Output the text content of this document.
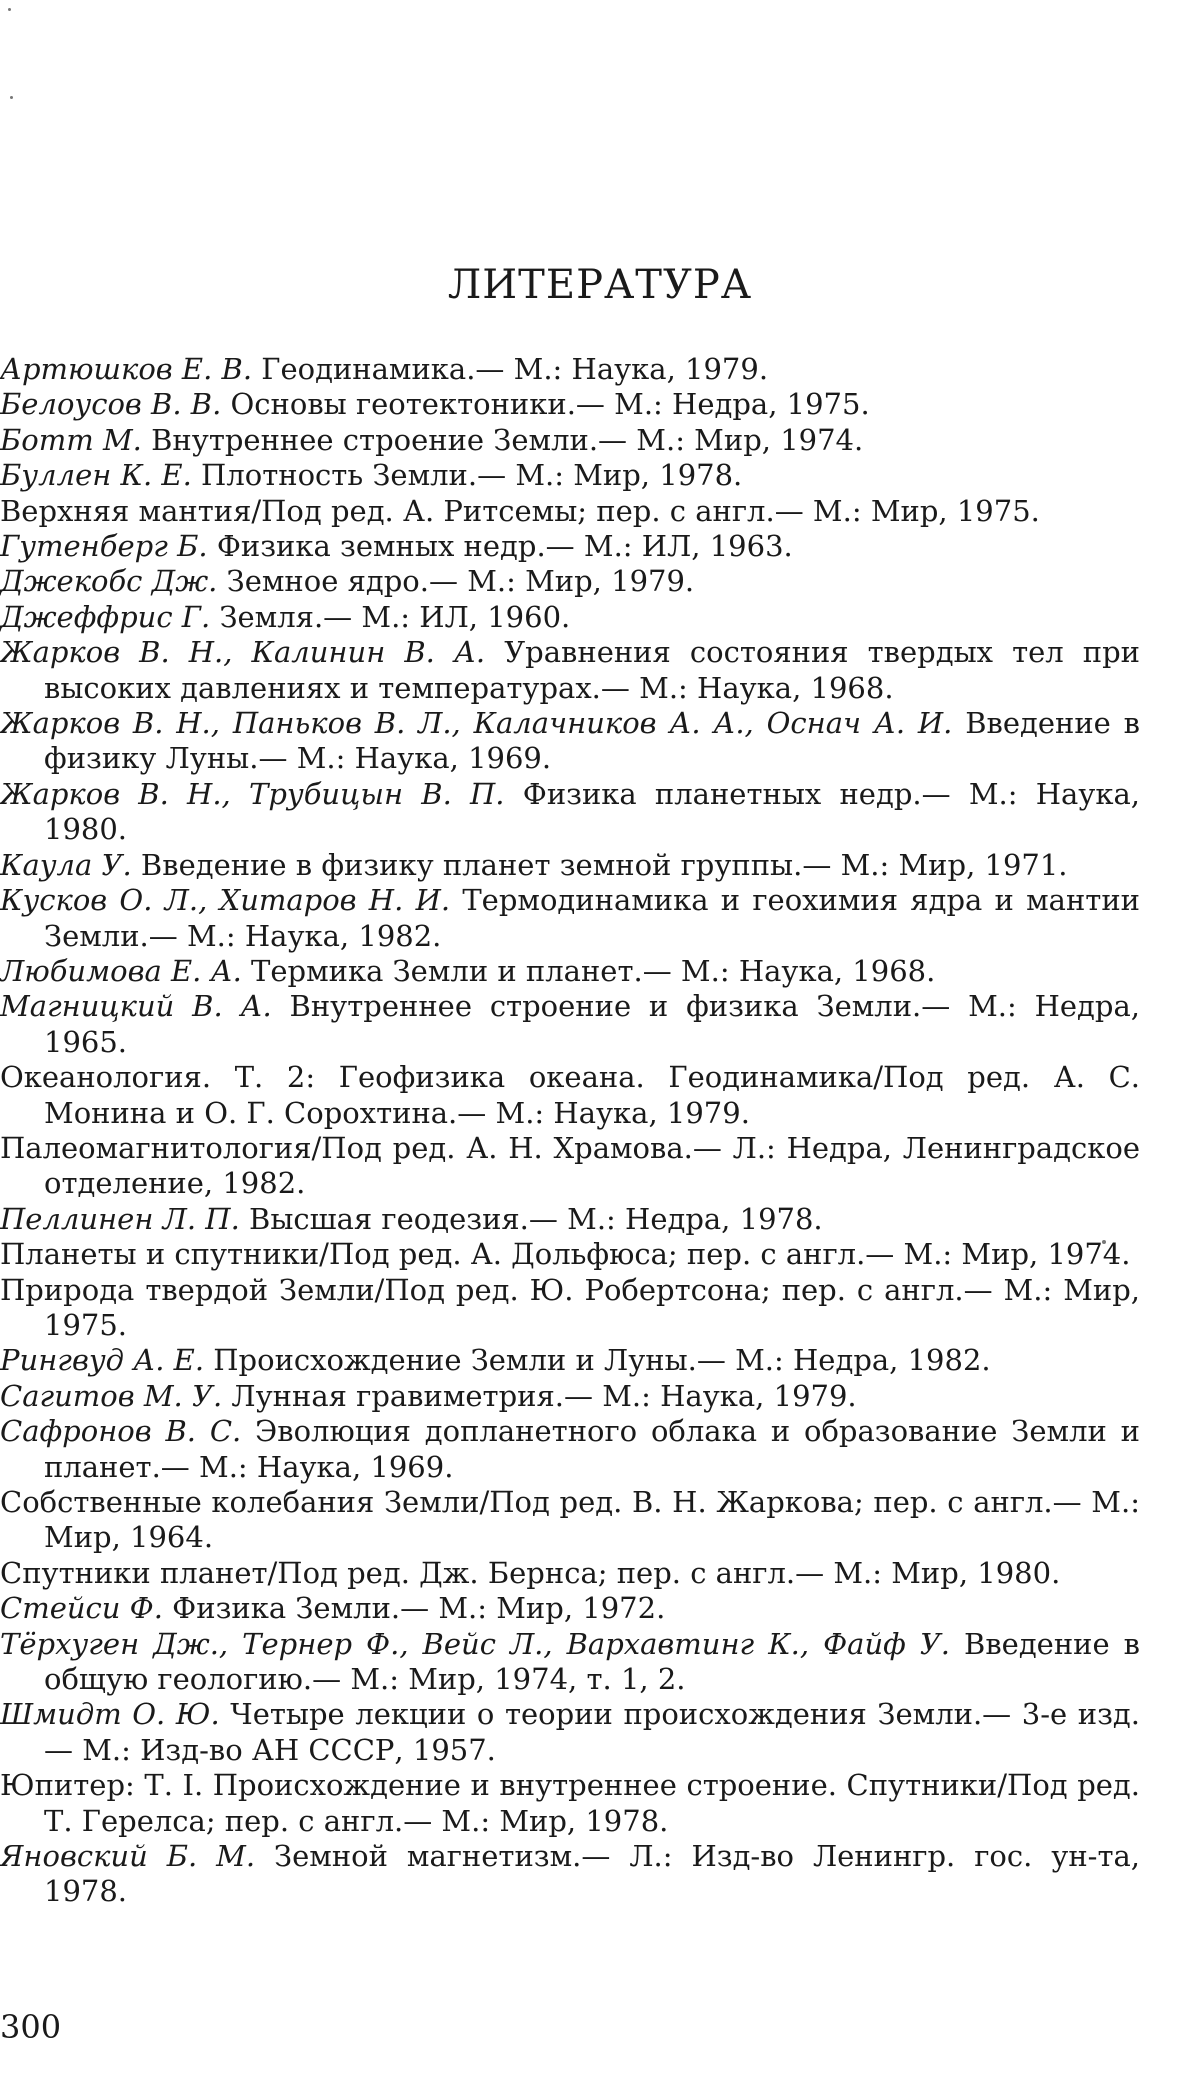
ЛИТЕРАТУРА
Артюшков Е. В. Геодинамика.— М.: Наука, 1979.
Белоусов В. В. Основы геотектоники.— М.: Недра, 1975.
Ботт М. Внутреннее строение Земли.— М.: Мир, 1974.
Буллен К. Е. Плотность Земли.— М.: Мир, 1978.
Верхняя мантия/Под ред. А. Ритсемы; пер. с англ.— М.: Мир, 1975.
Гутенберг Б. Физика земных недр.— М.: ИЛ, 1963.
Джекобс Дж. Земное ядро.— М.: Мир, 1979.
Джеффрис Г. Земля.— М.: ИЛ, 1960.
Жарков В. Н., Калинин В. А. Уравнения состояния твердых тел при высоких давлениях и температурах.— М.: Наука, 1968.
Жарков В. Н., Паньков В. Л., Калачников А. А., Оснач А. И. Введение в физику Луны.— М.: Наука, 1969.
Жарков В. Н., Трубицын В. П. Физика планетных недр.— М.: Наука, 1980.
Каула У. Введение в физику планет земной группы.— М.: Мир, 1971.
Кусков О. Л., Хитаров Н. И. Термодинамика и геохимия ядра и мантии Земли.— М.: Наука, 1982.
Любимова Е. А. Термика Земли и планет.— М.: Наука, 1968.
Магницкий В. А. Внутреннее строение и физика Земли.— М.: Недра, 1965.
Океанология. Т. 2: Геофизика океана. Геодинамика/Под ред. А. С. Монина и О. Г. Сорохтина.— М.: Наука, 1979.
Палеомагнитология/Под ред. А. Н. Храмова.— Л.: Недра, Ленинградское отделение, 1982.
Пеллинен Л. П. Высшая геодезия.— М.: Недра, 1978.
Планеты и спутники/Под ред. А. Дольфюса; пер. с англ.— М.: Мир, 1974.
Природа твердой Земли/Под ред. Ю. Робертсона; пер. с англ.— М.: Мир, 1975.
Рингвуд А. Е. Происхождение Земли и Луны.— М.: Недра, 1982.
Сагитов М. У. Лунная гравиметрия.— М.: Наука, 1979.
Сафронов В. С. Эволюция допланетного облака и образование Земли и планет.— М.: Наука, 1969.
Собственные колебания Земли/Под ред. В. Н. Жаркова; пер. с англ.— М.: Мир, 1964.
Спутники планет/Под ред. Дж. Бернса; пер. с англ.— М.: Мир, 1980.
Стейси Ф. Физика Земли.— М.: Мир, 1972.
Тёрхуген Дж., Тернер Ф., Вейс Л., Вархавтинг К., Файф У. Введение в общую геологию.— М.: Мир, 1974, т. 1, 2.
Шмидт О. Ю. Четыре лекции о теории происхождения Земли.— 3-е изд.— М.: Изд-во АН СССР, 1957.
Юпитер: Т. I. Происхождение и внутреннее строение. Спутники/Под ред. Т. Герелса; пер. с англ.— М.: Мир, 1978.
Яновский Б. М. Земной магнетизм.— Л.: Изд-во Ленингр. гос. ун-та, 1978.
300
